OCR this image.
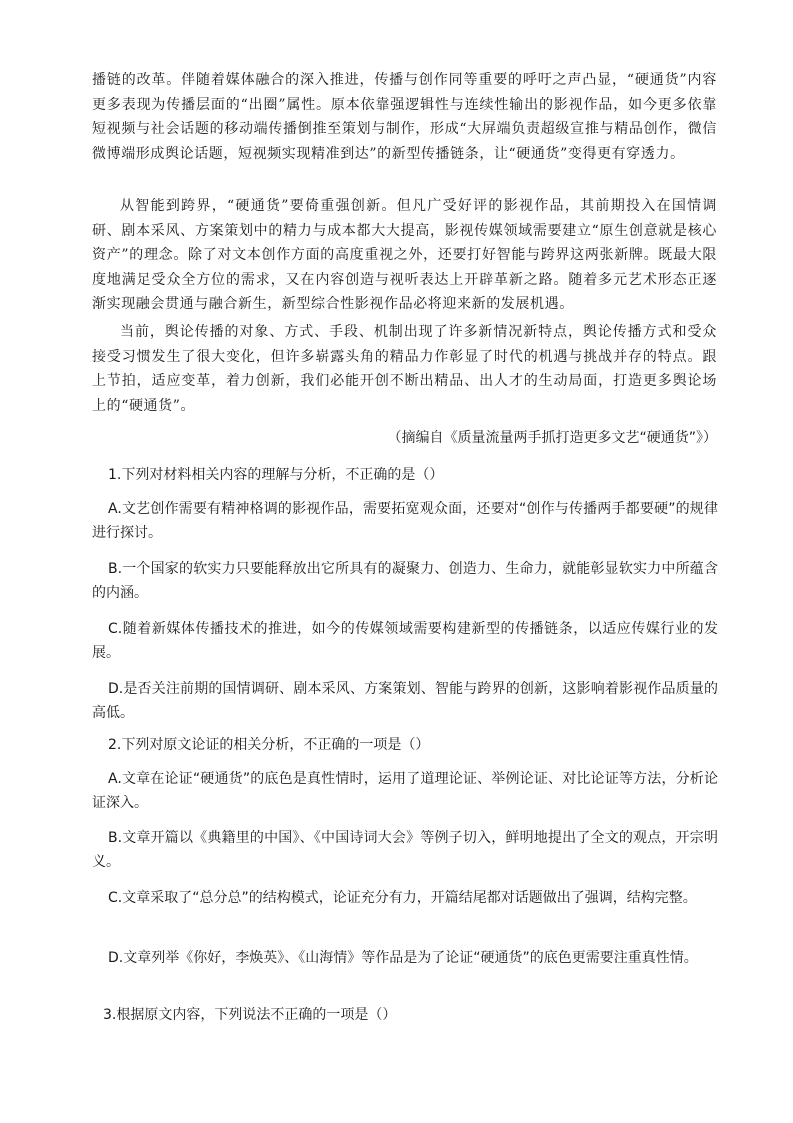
播链的改革。伴随着媒体融合的深入推进，传播与创作同等重要的呼吁之声凸显，“硬通货”内容更多表现为传播层面的“出圈”属性。原本依靠强逻辑性与连续性输出的影视作品，如今更多依靠短视频与社会话题的移动端传播倒推至策划与制作，形成“大屏端负责超级宣推与精品创作，微信微博端形成舆论话题，短视频实现精准到达”的新型传播链条，让“硬通货”变得更有穿透力。

从智能到跨界，“硬通货”要倚重强创新。但凡广受好评的影视作品，其前期投入在国情调研、剧本采风、方案策划中的精力与成本都大大提高，影视传媒领域需要建立“原生创意就是核心资产”的理念。除了对文本创作方面的高度重视之外，还要打好智能与跨界这两张新牌。既最大限度地满足受众全方位的需求，又在内容创造与视听表达上开辟革新之路。随着多元艺术形态正逐渐实现融会贯通与融合新生，新型综合性影视作品必将迎来新的发展机遇。

当前，舆论传播的对象、方式、手段、机制出现了许多新情况新特点，舆论传播方式和受众接受习惯发生了很大变化，但许多崭露头角的精品力作彰显了时代的机遇与挑战并存的特点。跟上节拍，适应变革，着力创新，我们必能开创不断出精品、出人才的生动局面，打造更多舆论场上的“硬通货”。

（摘编自《质量流量两手抓打造更多文艺“硬通货”》）

1.下列对材料相关内容的理解与分析，不正确的是（）

A.文艺创作需要有精神格调的影视作品，需要拓宽观众面，还要对“创作与传播两手都要硬”的规律进行探讨。

B.一个国家的软实力只要能释放出它所具有的凝聚力、创造力、生命力，就能彰显软实力中所蕴含的内涵。

C.随着新媒体传播技术的推进，如今的传媒领域需要构建新型的传播链条，以适应传媒行业的发展。

D.是否关注前期的国情调研、剧本采风、方案策划、智能与跨界的创新，这影响着影视作品质量的高低。

2.下列对原文论证的相关分析，不正确的一项是（）

A.文章在论证“硬通货”的底色是真性情时，运用了道理论证、举例论证、对比论证等方法，分析论证深入。

B.文章开篇以《典籍里的中国》、《中国诗词大会》等例子切入，鲜明地提出了全文的观点，开宗明义。

C.文章采取了“总分总”的结构模式，论证充分有力，开篇结尾都对话题做出了强调，结构完整。

D.文章列举《你好，李焕英》、《山海情》等作品是为了论证“硬通货”的底色更需要注重真性情。

3.根据原文内容，下列说法不正确的一项是（）
